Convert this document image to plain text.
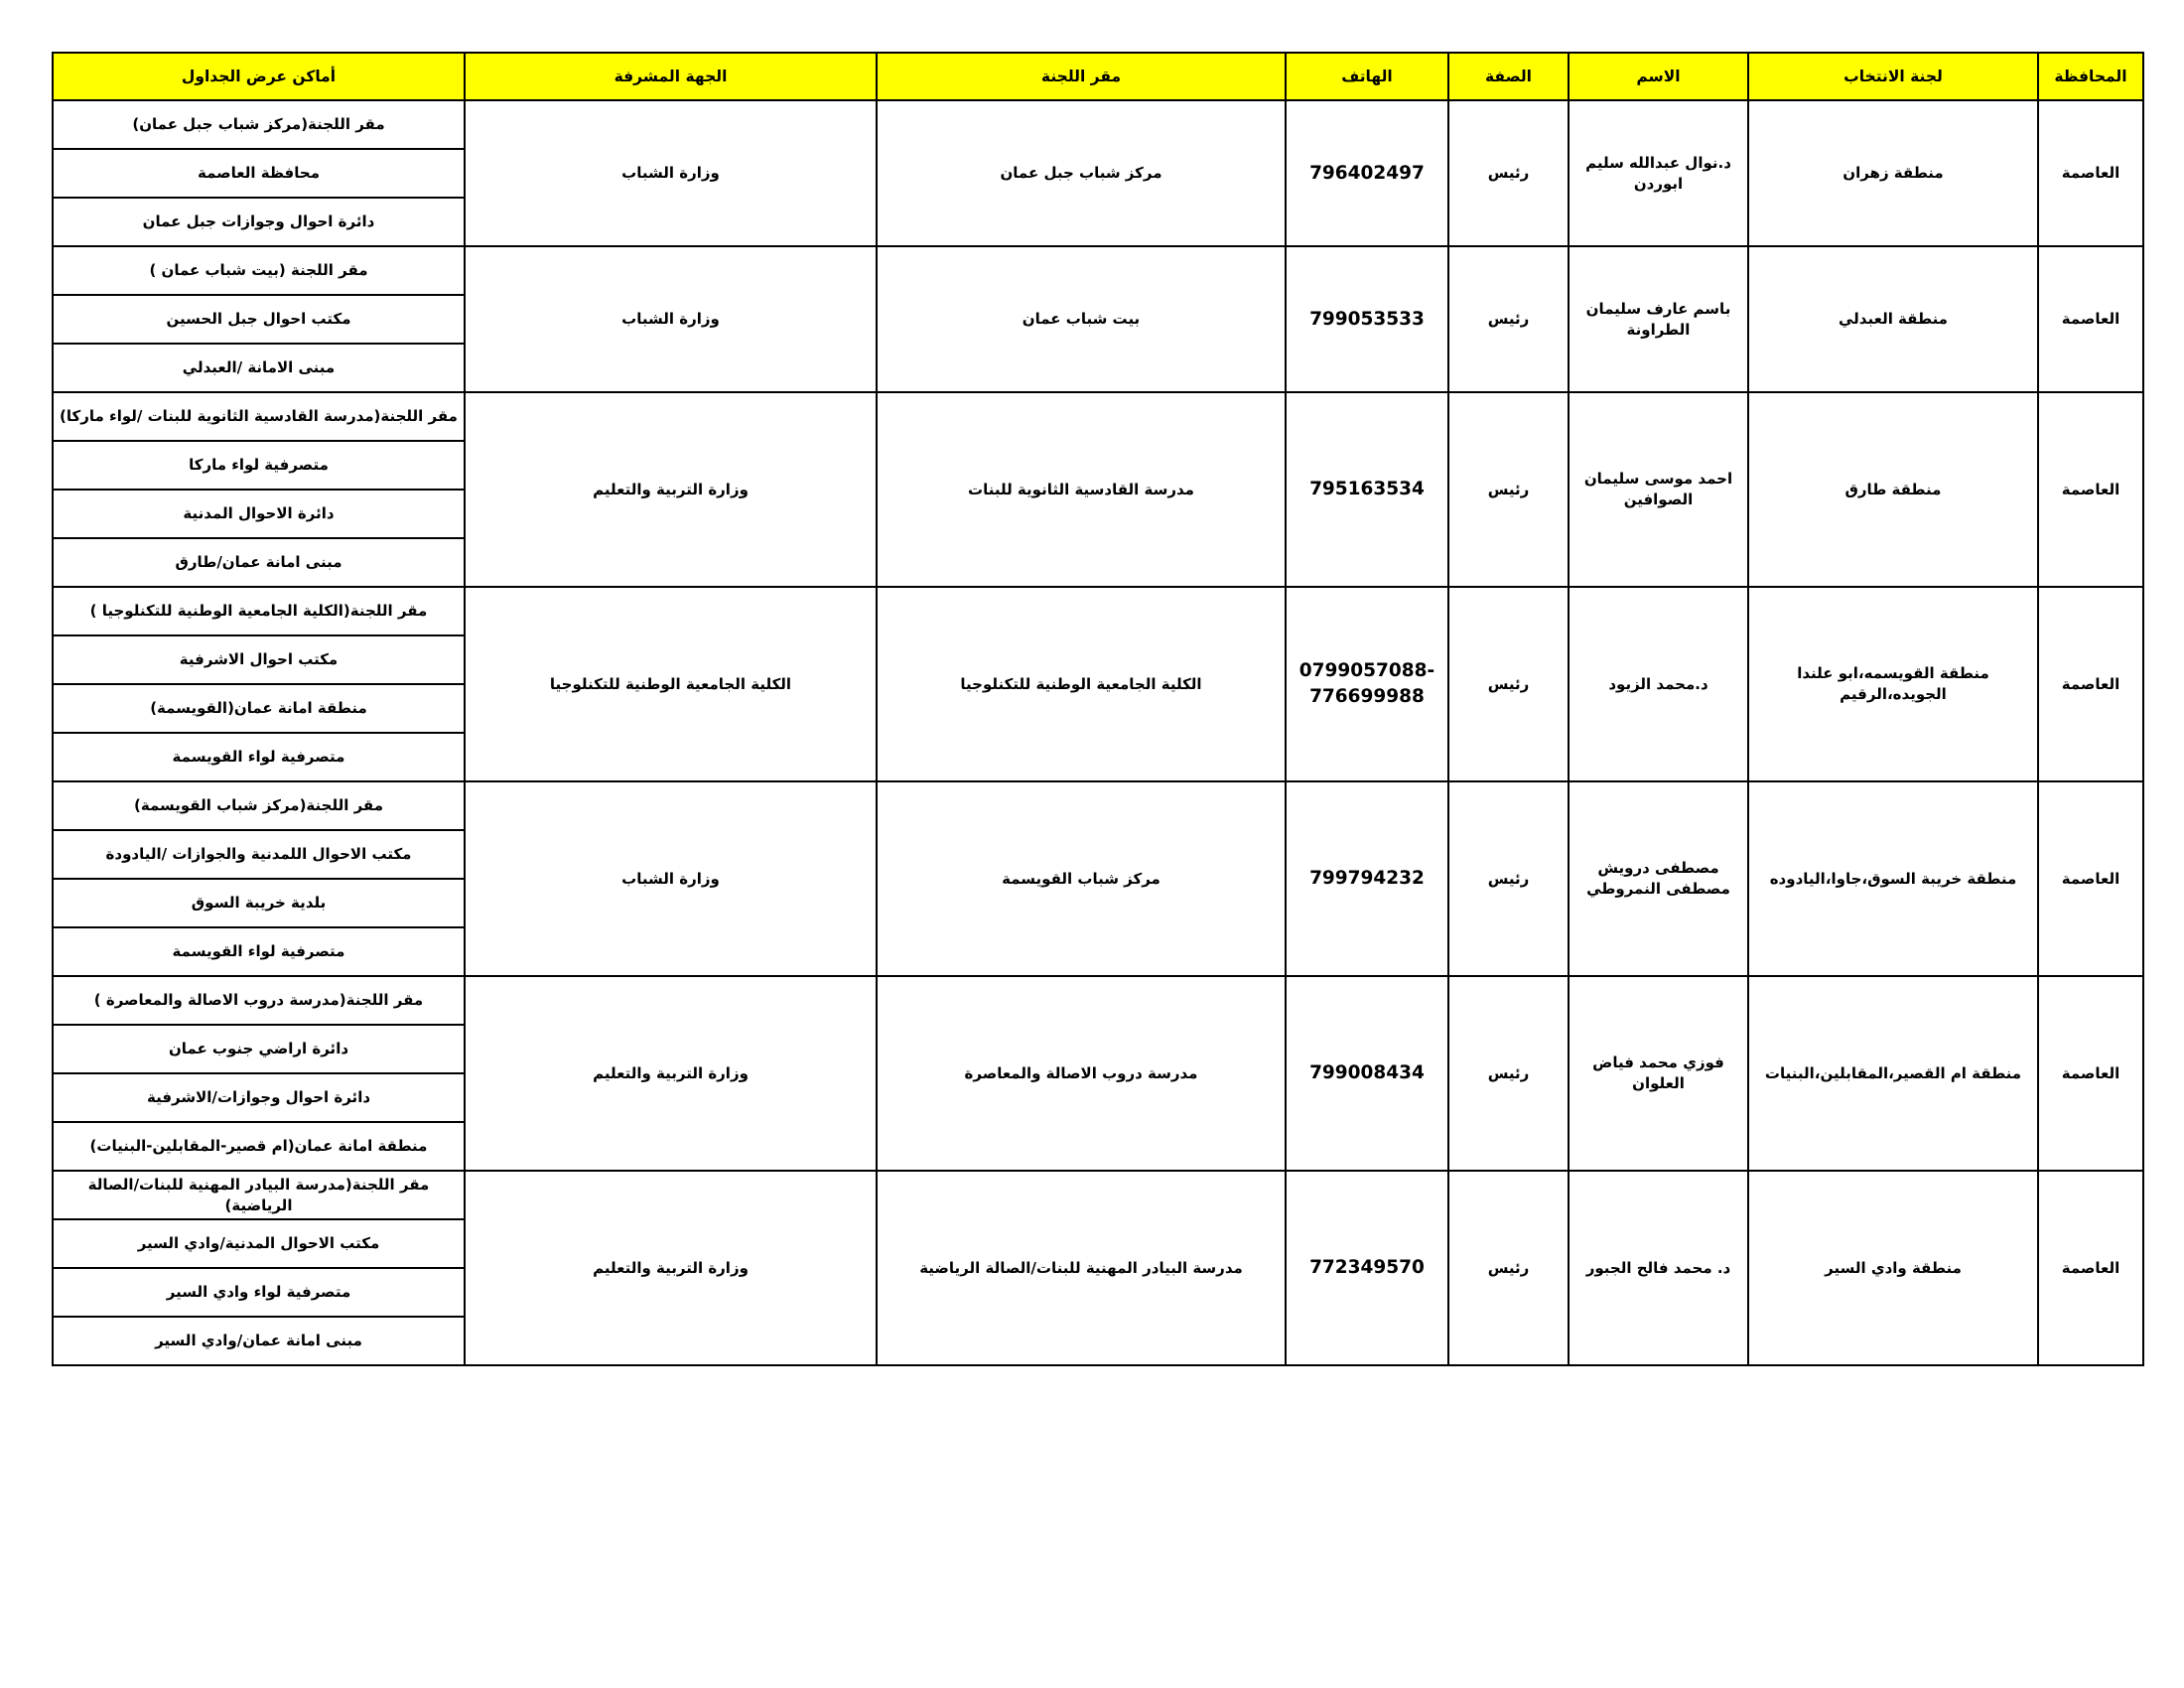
المحافظة	لجنة الانتخاب	الاسم	الصفة	الهاتف	مقر اللجنة	الجهة المشرفة	أماكن عرض الجداول
العاصمة	منطقة زهران	د.نوال عبدالله سليم ابوردن	رئيس	796402497	مركز شباب جبل عمان	وزارة الشباب	مقر اللجنة(مركز شباب جبل عمان)
							محافظة العاصمة
							دائرة احوال وجوازات جبل عمان
العاصمة	منطقة العبدلي	باسم عارف سليمان الطراونة	رئيس	799053533	بيت شباب عمان	وزارة الشباب	مقر اللجنة (بيت شباب عمان )
							مكتب احوال جبل الحسين
							مبنى الامانة /العبدلي
العاصمة	منطقة طارق	احمد موسى سليمان الصوافين	رئيس	795163534	مدرسة القادسية الثانوية للبنات	وزارة التربية والتعليم	مقر اللجنة(مدرسة القادسية الثانوية للبنات /لواء ماركا)
							متصرفية لواء ماركا
							دائرة الاحوال المدنية
							مبنى امانة عمان/طارق
العاصمة	منطقة القويسمه،ابو علندا الجويده،الرقيم	د.محمد الزيود	رئيس	0799057088-776699988	الكلية الجامعية الوطنية للتكنلوجيا	الكلية الجامعية الوطنية للتكنلوجيا	مقر اللجنة(الكلية الجامعية الوطنية للتكنلوجيا )
							مكتب احوال الاشرفية
							منطقة امانة عمان(القويسمة)
							متصرفية لواء القويسمة
العاصمة	منطقة خريبة السوق،جاوا،اليادوده	مصطفى درويش مصطفى النمروطي	رئيس	799794232	مركز شباب القويسمة	وزارة الشباب	مقر اللجنة(مركز شباب القويسمة)
							مكتب الاحوال اللمدنية والجوازات /اليادودة
							بلدية خريبة السوق
							متصرفية لواء القويسمة
العاصمة	منطقة ام القصير،المقابلين،البنيات	فوزي محمد فياض العلوان	رئيس	799008434	مدرسة دروب الاصالة والمعاصرة	وزارة التربية والتعليم	مقر اللجنة(مدرسة دروب الاصالة والمعاصرة )
							دائرة اراضي جنوب عمان
							دائرة احوال وجوازات/الاشرفية
							منطقة امانة عمان(ام قصير-المقابلين-البنيات)
العاصمة	منطقة وادي السير	د. محمد فالح الجبور	رئيس	772349570	مدرسة البيادر المهنية للبنات/الصالة الرياضية	وزارة التربية والتعليم	مقر اللجنة(مدرسة البيادر المهنية للبنات/الصالة الرياضية)
							مكتب الاحوال المدنية/وادي السير
							متصرفية لواء وادي السير
							مبنى امانة عمان/وادي السير
